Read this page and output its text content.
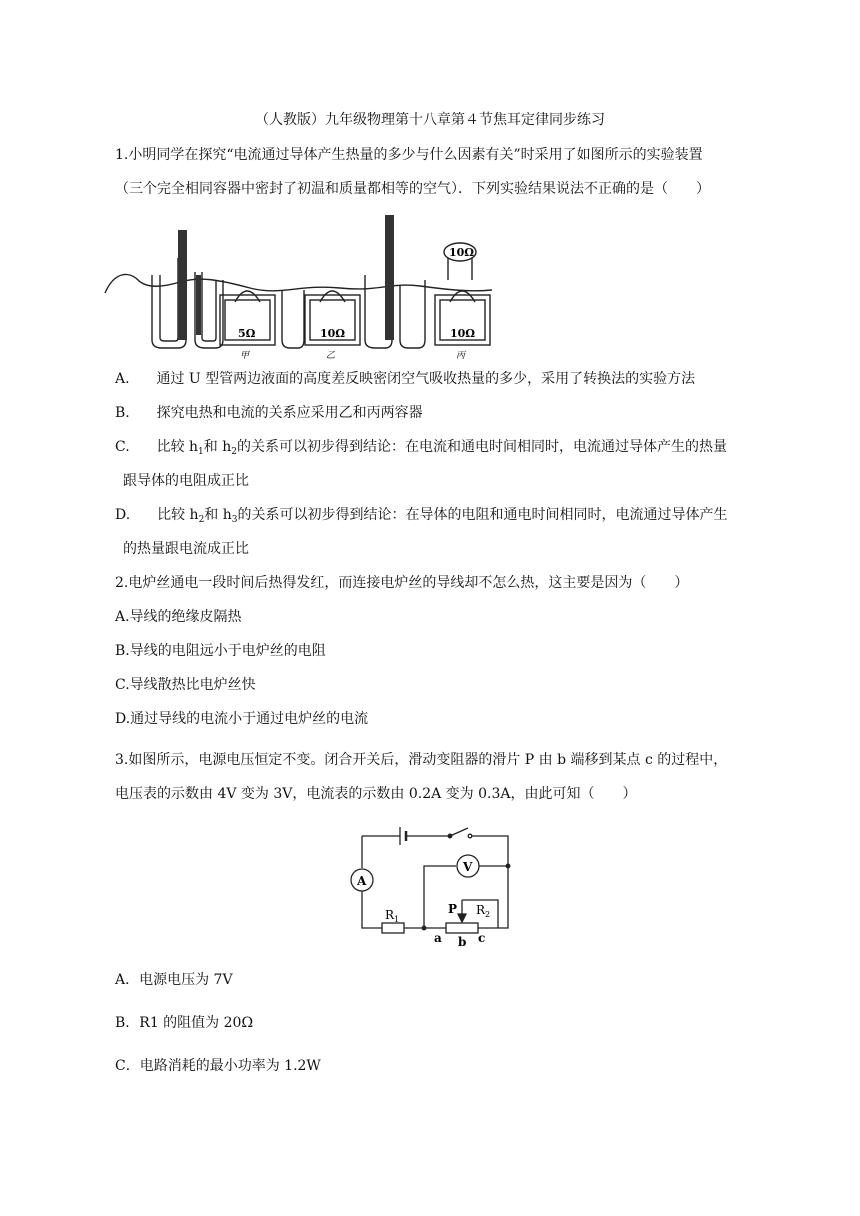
（人教版）九年级物理第十八章第４节焦耳定律同步练习
1.小明同学在探究“电流通过导体产生热量的多少与什么因素有关”时采用了如图所示的实验装置
（三个完全相同容器中密封了初温和质量都相等的空气）．下列实验结果说法不正确的是（　　）
5Ω	10Ω	10Ω
10Ω
甲	乙	丙
A. 通过 U 型管两边液面的高度差反映密闭空气吸收热量的多少，采用了转换法的实验方法
B. 探究电热和电流的关系应采用乙和丙两容器
C. 比较 $h_1$和 $h_2$的关系可以初步得到结论：在电流和通电时间相同时，电流通过导体产生的热量
跟导体的电阻成正比
D. 比较 $h_2$和 $h_3$的关系可以初步得到结论：在导体的电阻和通电时间相同时，电流通过导体产生
的热量跟电流成正比
2.电炉丝通电一段时间后热得发红，而连接电炉丝的导线却不怎么热，这主要是因为（　　）
A.导线的绝缘皮隔热
B.导线的电阻远小于电炉丝的电阻
C.导线散热比电炉丝快
D.通过导线的电流小于通过电炉丝的电流
3.如图所示，电源电压恒定不变。闭合开关后，滑动变阻器的滑片 P 由 b 端移到某点 c 的过程中，
电压表的示数由 4V 变为 3V，电流表的示数由 0.2A 变为 0.3A，由此可知（　　）
A
V
$R_1$
$R_2$
P
a b c
A．电源电压为 7V
B．R1 的阻值为 20Ω
C．电路消耗的最小功率为 1.2W
